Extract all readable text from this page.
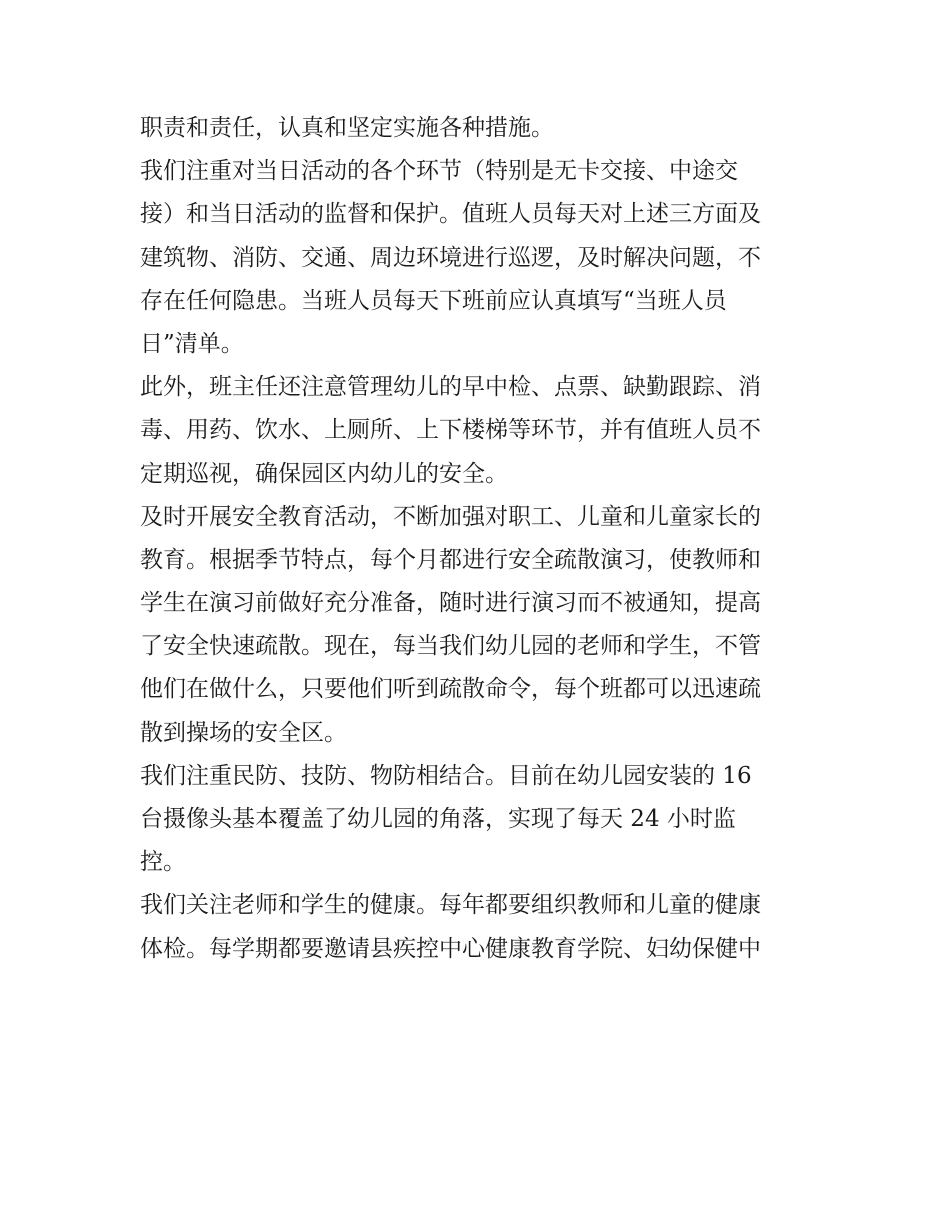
职责和责任，认真和坚定实施各种措施。
我们注重对当日活动的各个环节（特别是无卡交接、中途交
接）和当日活动的监督和保护。值班人员每天对上述三方面及
建筑物、消防、交通、周边环境进行巡逻，及时解决问题，不
存在任何隐患。当班人员每天下班前应认真填写“当班人员
日”清单。
此外，班主任还注意管理幼儿的早中检、点票、缺勤跟踪、消
毒、用药、饮水、上厕所、上下楼梯等环节，并有值班人员不
定期巡视，确保园区内幼儿的安全。
及时开展安全教育活动，不断加强对职工、儿童和儿童家长的
教育。根据季节特点，每个月都进行安全疏散演习，使教师和
学生在演习前做好充分准备，随时进行演习而不被通知，提高
了安全快速疏散。现在，每当我们幼儿园的老师和学生，不管
他们在做什么，只要他们听到疏散命令，每个班都可以迅速疏
散到操场的安全区。
我们注重民防、技防、物防相结合。目前在幼儿园安装的 16
台摄像头基本覆盖了幼儿园的角落，实现了每天 24 小时监
控。
我们关注老师和学生的健康。每年都要组织教师和儿童的健康
体检。每学期都要邀请县疾控中心健康教育学院、妇幼保健中
